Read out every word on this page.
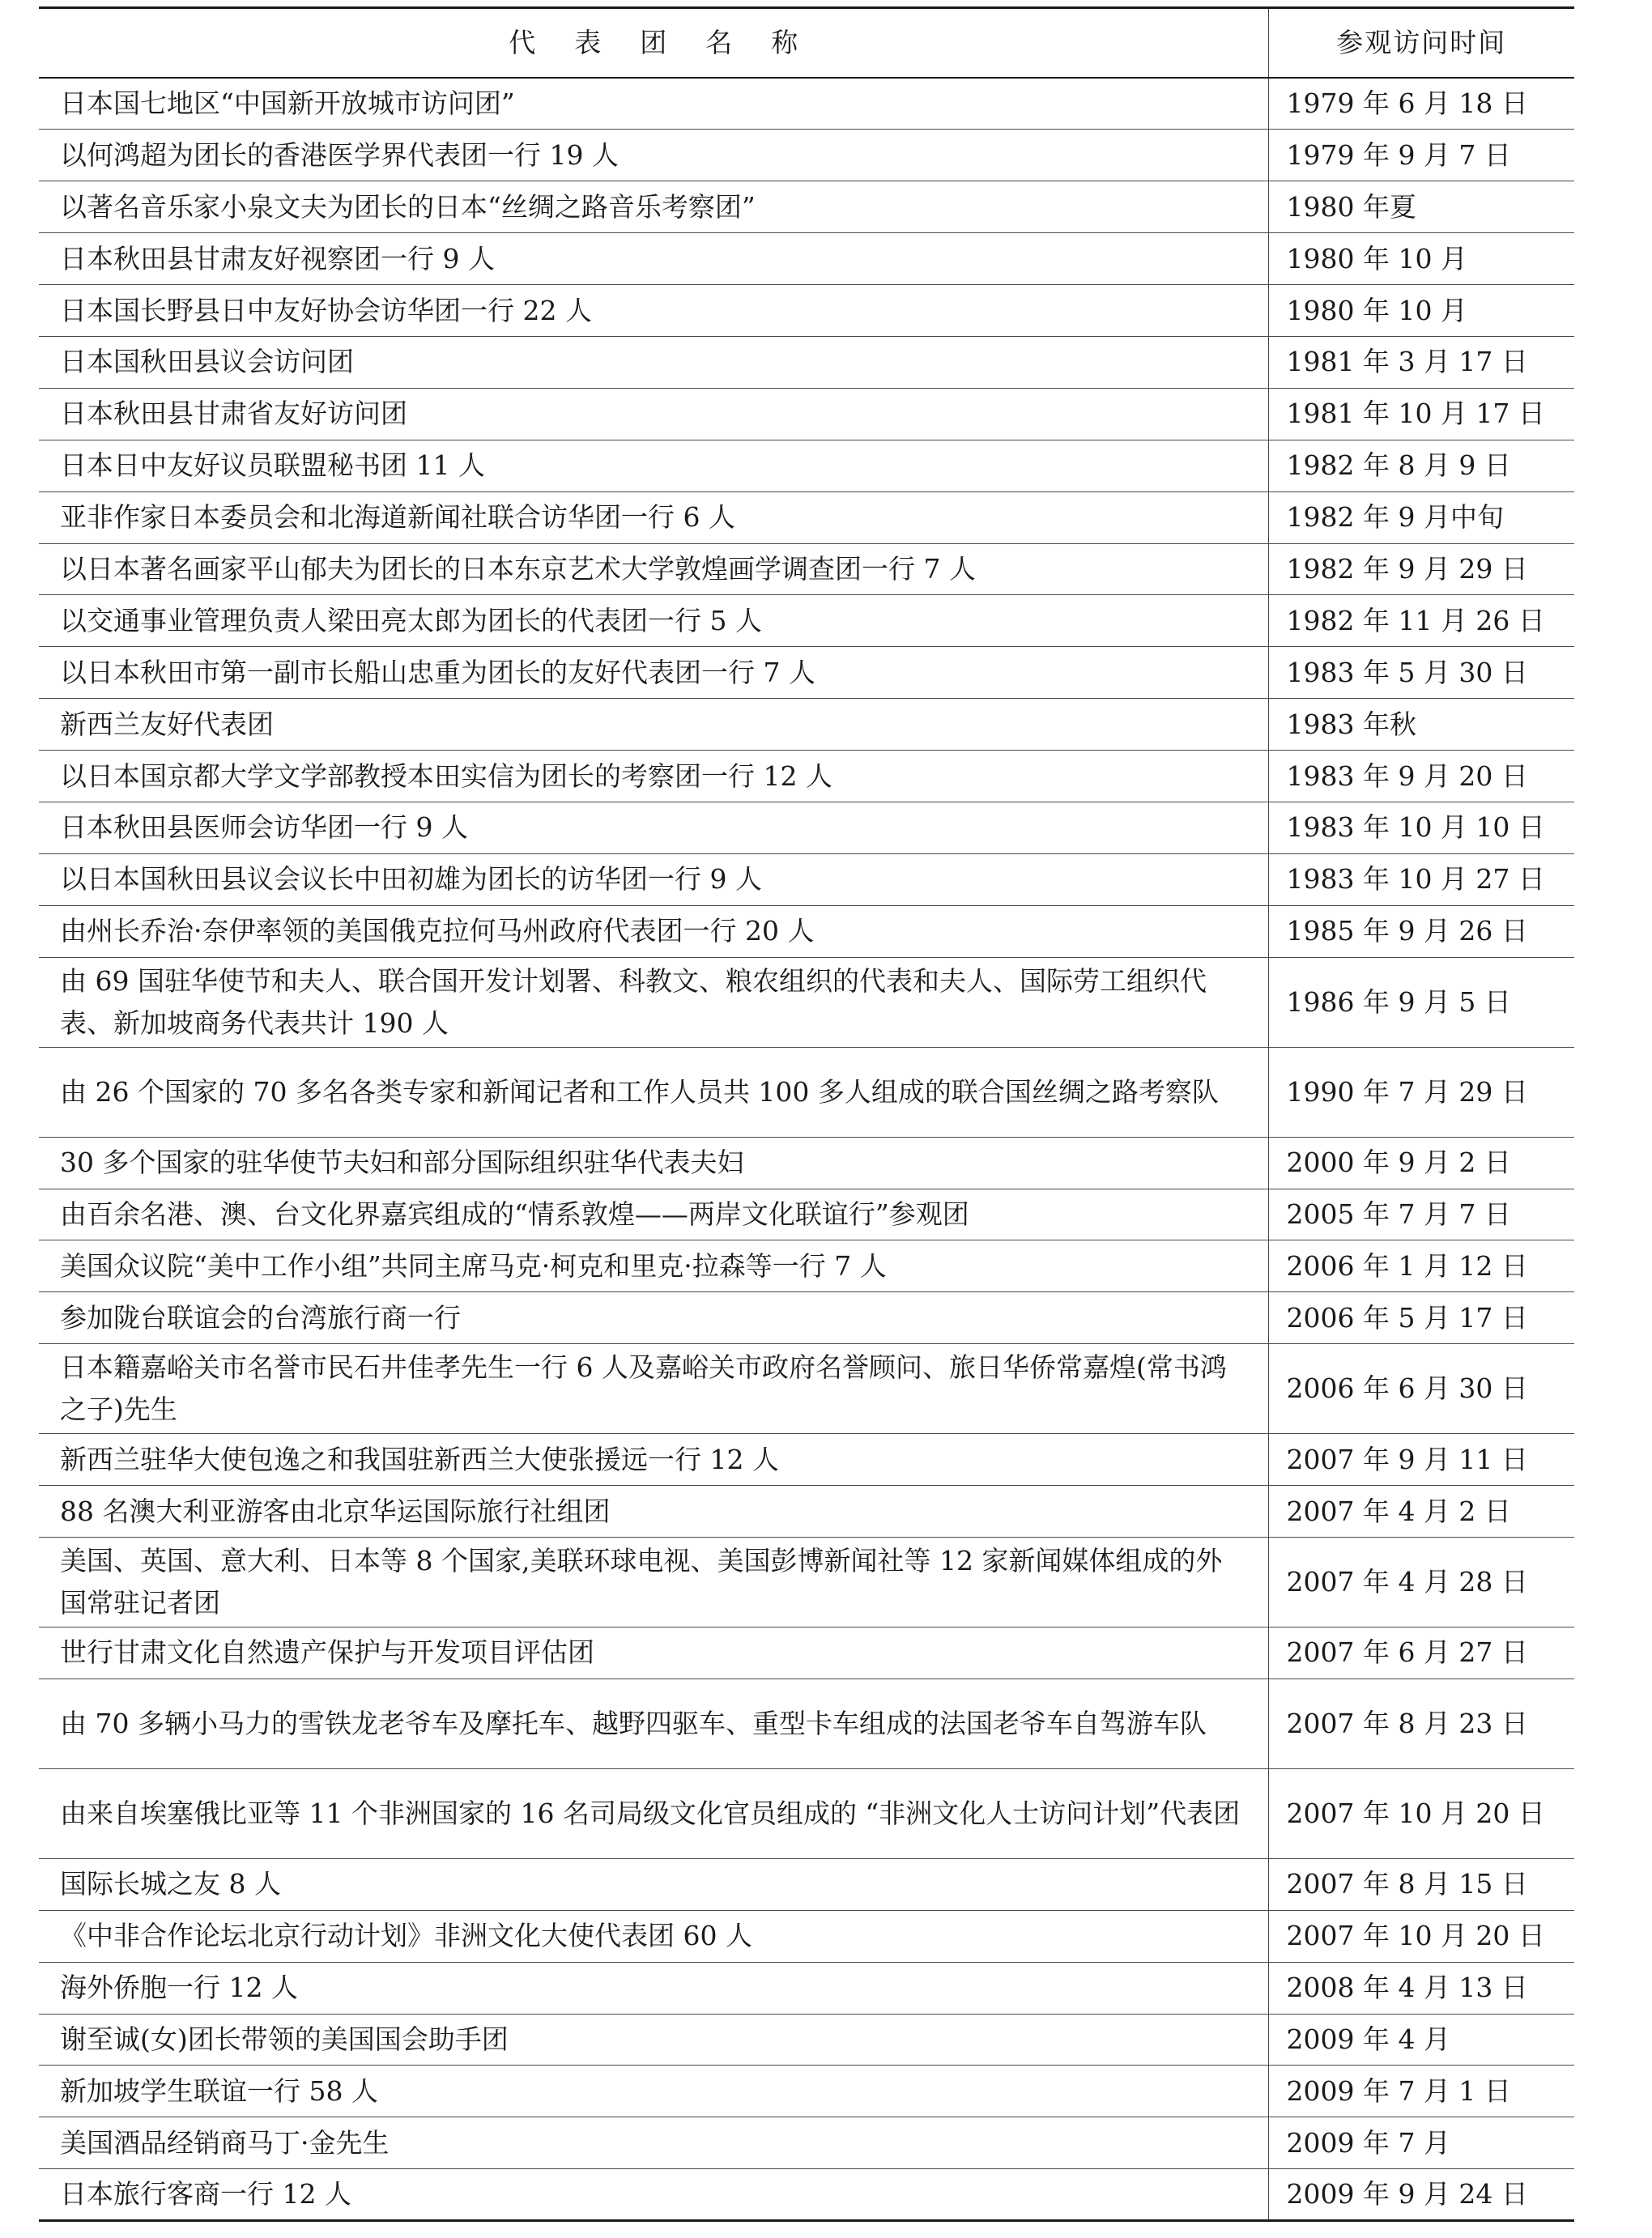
代表团名称	参观访问时间
日本国七地区“中国新开放城市访问团”	1979 年 6 月 18 日
以何鸿超为团长的香港医学界代表团一行 19 人	1979 年 9 月 7 日
以著名音乐家小泉文夫为团长的日本“丝绸之路音乐考察团”	1980 年夏
日本秋田县甘肃友好视察团一行 9 人	1980 年 10 月
日本国长野县日中友好协会访华团一行 22 人	1980 年 10 月
日本国秋田县议会访问团	1981 年 3 月 17 日
日本秋田县甘肃省友好访问团	1981 年 10 月 17 日
日本日中友好议员联盟秘书团 11 人	1982 年 8 月 9 日
亚非作家日本委员会和北海道新闻社联合访华团一行 6 人	1982 年 9 月中旬
以日本著名画家平山郁夫为团长的日本东京艺术大学敦煌画学调查团一行 7 人	1982 年 9 月 29 日
以交通事业管理负责人梁田亮太郎为团长的代表团一行 5 人	1982 年 11 月 26 日
以日本秋田市第一副市长船山忠重为团长的友好代表团一行 7 人	1983 年 5 月 30 日
新西兰友好代表团	1983 年秋
以日本国京都大学文学部教授本田实信为团长的考察团一行 12 人	1983 年 9 月 20 日
日本秋田县医师会访华团一行 9 人	1983 年 10 月 10 日
以日本国秋田县议会议长中田初雄为团长的访华团一行 9 人	1983 年 10 月 27 日
由州长乔治·奈伊率领的美国俄克拉何马州政府代表团一行 20 人	1985 年 9 月 26 日
由 69 国驻华使节和夫人、联合国开发计划署、科教文、粮农组织的代表和夫人、国际劳工组织代表、新加坡商务代表共计 190 人	1986 年 9 月 5 日
由 26 个国家的 70 多名各类专家和新闻记者和工作人员共 100 多人组成的联合国丝绸之路考察队	1990 年 7 月 29 日
30 多个国家的驻华使节夫妇和部分国际组织驻华代表夫妇	2000 年 9 月 2 日
由百余名港、澳、台文化界嘉宾组成的“情系敦煌——两岸文化联谊行”参观团	2005 年 7 月 7 日
美国众议院“美中工作小组”共同主席马克·柯克和里克·拉森等一行 7 人	2006 年 1 月 12 日
参加陇台联谊会的台湾旅行商一行	2006 年 5 月 17 日
日本籍嘉峪关市名誉市民石井佳孝先生一行 6 人及嘉峪关市政府名誉顾问、旅日华侨常嘉煌(常书鸿之子)先生	2006 年 6 月 30 日
新西兰驻华大使包逸之和我国驻新西兰大使张援远一行 12 人	2007 年 9 月 11 日
88 名澳大利亚游客由北京华运国际旅行社组团	2007 年 4 月 2 日
美国、英国、意大利、日本等 8 个国家,美联环球电视、美国彭博新闻社等 12 家新闻媒体组成的外国常驻记者团	2007 年 4 月 28 日
世行甘肃文化自然遗产保护与开发项目评估团	2007 年 6 月 27 日
由 70 多辆小马力的雪铁龙老爷车及摩托车、越野四驱车、重型卡车组成的法国老爷车自驾游车队	2007 年 8 月 23 日
由来自埃塞俄比亚等 11 个非洲国家的 16 名司局级文化官员组成的 “非洲文化人士访问计划”代表团	2007 年 10 月 20 日
国际长城之友 8 人	2007 年 8 月 15 日
《中非合作论坛北京行动计划》非洲文化大使代表团 60 人	2007 年 10 月 20 日
海外侨胞一行 12 人	2008 年 4 月 13 日
谢至诚(女)团长带领的美国国会助手团	2009 年 4 月
新加坡学生联谊一行 58 人	2009 年 7 月 1 日
美国酒品经销商马丁·金先生	2009 年 7 月
日本旅行客商一行 12 人	2009 年 9 月 24 日
